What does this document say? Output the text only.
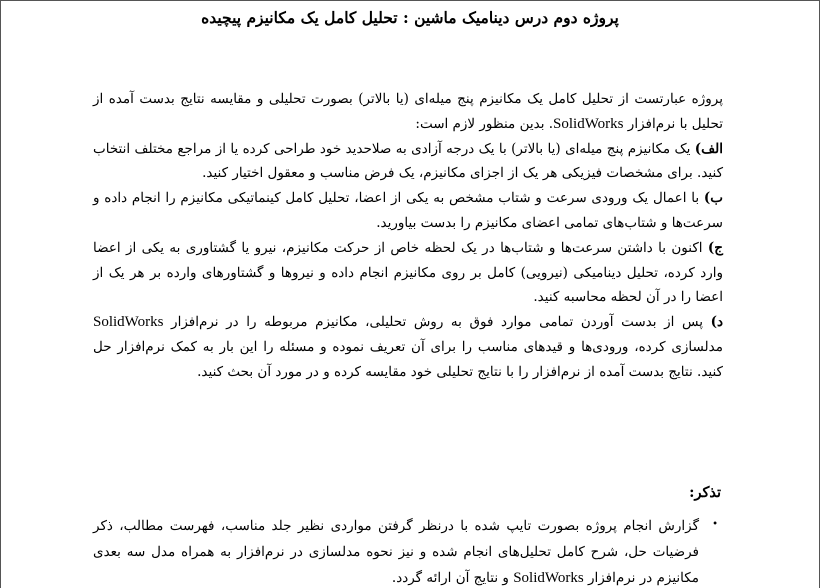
پروژه دوم درس دینامیک ماشین : تحلیل کامل یک مکانیزم پیچیده

پروژه عبارتست از تحلیل کامل یک مکانیزم پنج میله‌ای (یا بالاتر) بصورت تحلیلی و مقایسه نتایج بدست آمده از تحلیل با نرم‌افزار SolidWorks. بدین منظور لازم است:

الف) یک مکانیزم پنج میله‌ای (یا بالاتر) با یک درجه آزادی به صلاحدید خود طراحی کرده یا از مراجع مختلف انتخاب کنید. برای مشخصات فیزیکی هر یک از اجزای مکانیزم، یک فرض مناسب و معقول اختیار کنید.

ب) با اعمال یک ورودی سرعت و شتاب مشخص به یکی از اعضا، تحلیل کامل کینماتیکی مکانیزم را انجام داده و سرعت‌ها و شتاب‌های تمامی اعضای مکانیزم را بدست بیاورید.

ج) اکنون با داشتن سرعت‌ها و شتاب‌ها در یک لحظه خاص از حرکت مکانیزم، نیرو یا گشتاوری به یکی از اعضا وارد کرده، تحلیل دینامیکی (نیرویی) کامل بر روی مکانیزم انجام داده و نیروها و گشتاورهای وارده بر هر یک از اعضا را در آن لحظه محاسبه کنید.

د) پس از بدست آوردن تمامی موارد فوق به روش تحلیلی، مکانیزم مربوطه را در نرم‌افزار SolidWorks مدلسازی کرده، ورودی‌ها و قیدهای مناسب را برای آن تعریف نموده و مسئله را این بار به کمک نرم‌افزار حل کنید. نتایج بدست آمده از نرم‌افزار را با نتایج تحلیلی خود مقایسه کرده و در مورد آن بحث کنید.

تذکر:
•
گزارش انجام پروژه بصورت تایپ شده با درنظر گرفتن مواردی نظیر جلد مناسب، فهرست مطالب، ذکر فرضیات حل، شرح کامل تحلیل‌های انجام شده و نیز نحوه مدلسازی در نرم‌افزار به همراه مدل سه بعدی مکانیزم در نرم‌افزار SolidWorks و نتایج آن ارائه گردد.
